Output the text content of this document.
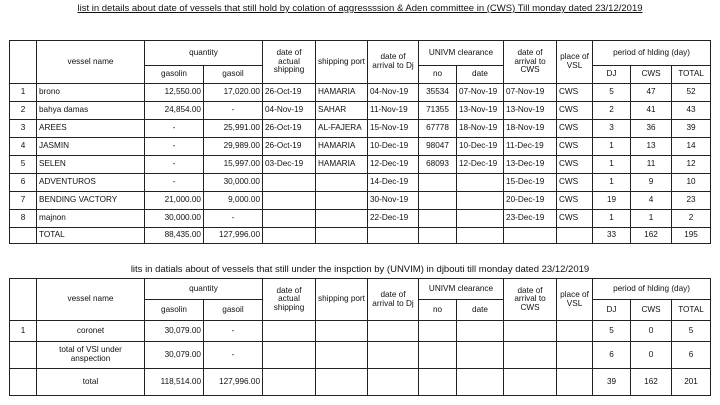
list in details about date of vessels that still hold by colation of aggressssion & Aden committee in (CWS) Till monday dated 23/12/2019
	vessel name	quantity		date of actual shipping	shipping port	date of arrival to Dj	UNIVM clearance		date of arrival to CWS	place of VSL	period of hlding (day)		
		gasolin	gasoil				no	date			DJ	CWS	TOTAL
1	brono	12,550.00	17,020.00	26-Oct-19	HAMARIA	04-Nov-19	35534	07-Nov-19	07-Nov-19	CWS	5	47	52
2	bahya damas	24,854.00	-	04-Nov-19	SAHAR	11-Nov-19	71355	13-Nov-19	13-Nov-19	CWS	2	41	43
3	AREES	-	25,991.00	26-Oct-19	AL-FAJERA	15-Nov-19	67778	18-Nov-19	18-Nov-19	CWS	3	36	39
4	JASMIN	-	29,989.00	26-Oct-19	HAMARIA	10-Dec-19	98047	10-Dec-19	11-Dec-19	CWS	1	13	14
5	SELEN	-	15,997.00	03-Dec-19	HAMARIA	12-Dec-19	68093	12-Dec-19	13-Dec-19	CWS	1	11	12
6	ADVENTUROS	-	30,000.00			14-Dec-19			15-Dec-19	CWS	1	9	10
7	BENDING VACTORY	21,000.00	9,000.00			30-Nov-19			20-Dec-19	CWS	19	4	23
8	majnon	30,000.00	-			22-Dec-19			23-Dec-19	CWS	1	1	2
	TOTAL	88,435.00	127,996.00								33	162	195
lits in datials about of vessels that still under the inspction by (UNVIM) in djbouti till monday dated 23/12/2019
	vessel name	quantity		date of actual shipping	shipping port	date of arrival to Dj	UNIVM clearance		date of arrival to CWS	place of VSL	period of hlding (day)		
		gasolin	gasoil				no	date			DJ	CWS	TOTAL
1	coronet	30,079.00	-								5	0	5
	total of VSl under anspection	30,079.00	-								6	0	6
	total	118,514.00	127,996.00								39	162	201
